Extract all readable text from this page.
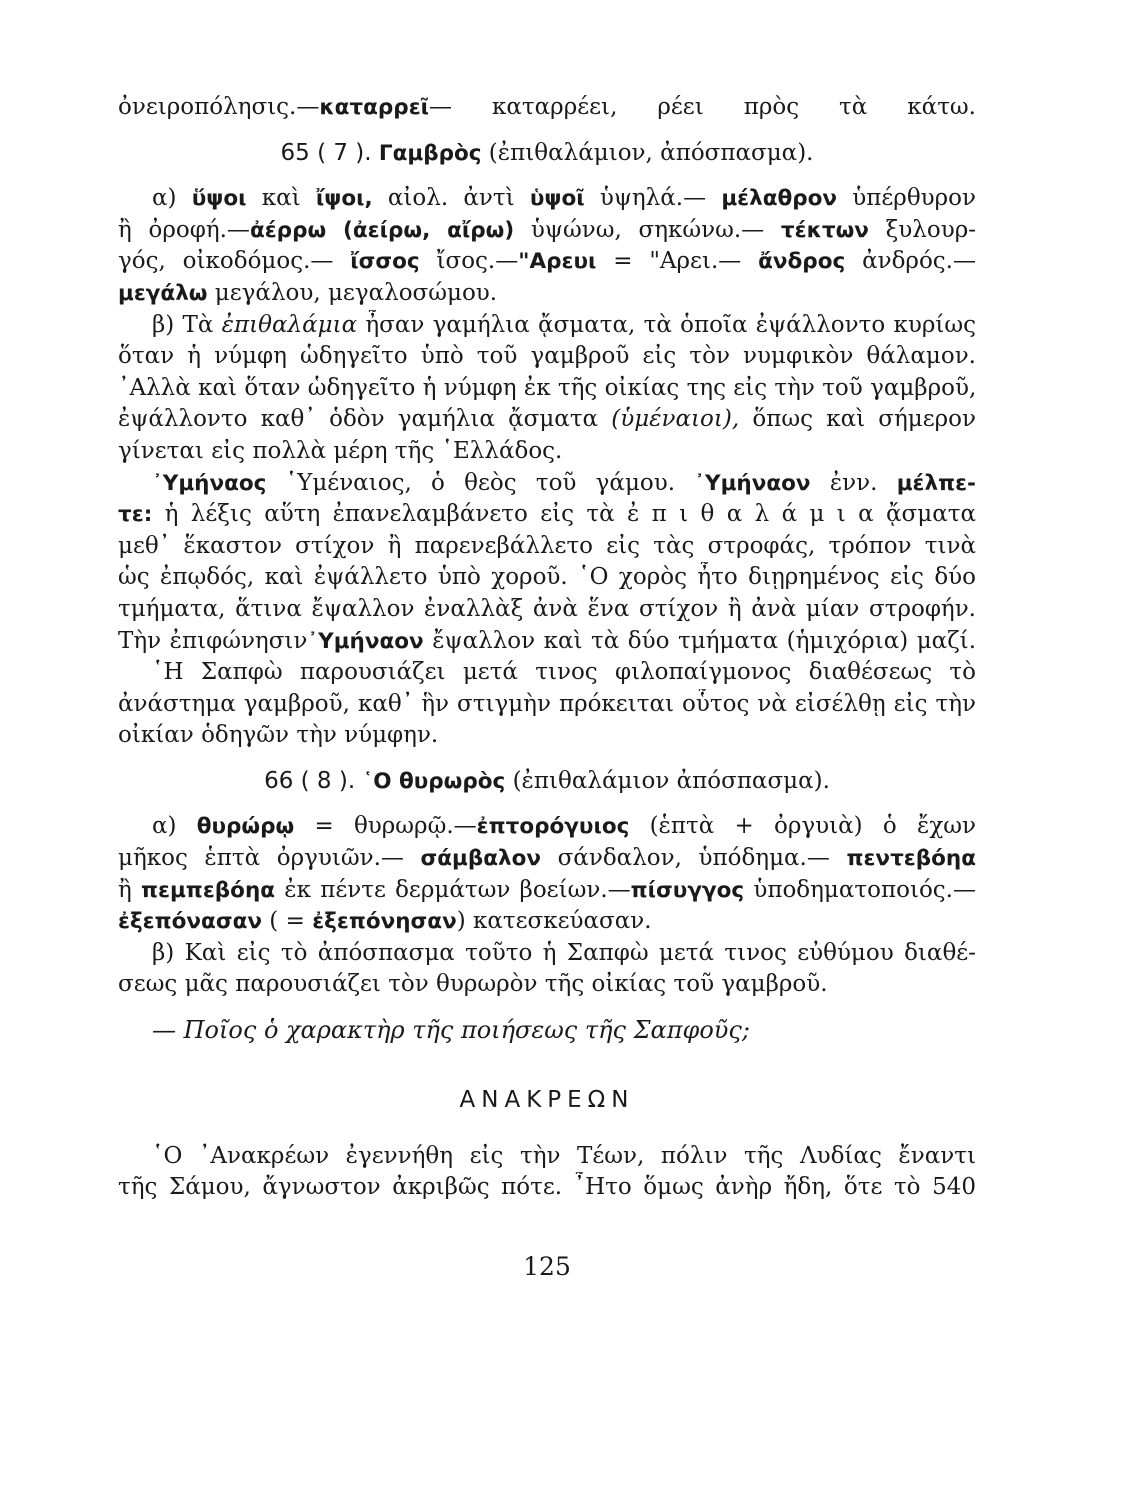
ὀνειροπόλησις.—καταρρεῖ— καταρρέει, ρέει πρὸς τὰ κάτω.
65 ( 7 ). Γαμβρὸς (ἐπιθαλάμιον, ἀπόσπασμα).
α) ὕψοι καὶ ἴψοι, αἰολ. ἀντὶ ὑψοῖ ὑψηλά.— μέλαθρον ὑπέρθυρον
ἢ ὀροφή.—ἀέρρω (ἀείρω, αἴρω) ὑψώνω, σηκώνω.— τέκτων ξυλουρ-
γός, οἰκοδόμος.— ἴσσος ἴσος.—"Αρευι = "Αρει.— ἄνδρος ἀνδρός.—
μεγάλω μεγάλου, μεγαλοσώμου.
β) Τὰ ἐπιθαλάμια ἦσαν γαμήλια ᾄσματα, τὰ ὁποῖα ἐψάλλοντο κυρίως
ὅταν ἡ νύμφη ὡδηγεῖτο ὑπὸ τοῦ γαμβροῦ εἰς τὸν νυμφικὸν θάλαμον.
᾿Αλλὰ καὶ ὅταν ὡδηγεῖτο ἡ νύμφη ἐκ τῆς οἰκίας της εἰς τὴν τοῦ γαμβροῦ,
ἐψάλλοντο καθ᾿ ὁδὸν γαμήλια ᾄσματα (ὑμέναιοι), ὅπως καὶ σήμερον
γίνεται εἰς πολλὰ μέρη τῆς ῾Ελλάδος.
᾿Υμήναος ῾Υμέναιος, ὁ θεὸς τοῦ γάμου. ᾿Υμήναον ἐνν. μέλπε-
τε: ἡ λέξις αὕτη ἐπανελαμβάνετο εἰς τὰ ἐ π ι θ α λ ά μ ι α ᾄσματα
μεθ᾿ ἕκαστον στίχον ἢ παρενεβάλλετο εἰς τὰς στροφάς, τρόπον τινὰ
ὡς ἐπῳδός, καὶ ἐψάλλετο ὑπὸ χοροῦ. ῾Ο χορὸς ἦτο διῃρημένος εἰς δύο
τμήματα, ἅτινα ἔψαλλον ἐναλλὰξ ἀνὰ ἕνα στίχον ἢ ἀνὰ μίαν στροφήν.
Τὴν ἐπιφώνησιν᾿Υμήναον ἔψαλλον καὶ τὰ δύο τμήματα (ἡμιχόρια) μαζί.
῾Η Σαπφὼ παρουσιάζει μετά τινος φιλοπαίγμονος διαθέσεως τὸ
ἀνάστημα γαμβροῦ, καθ᾿ ἣν στιγμὴν πρόκειται οὗτος νὰ εἰσέλθῃ εἰς τὴν
οἰκίαν ὁδηγῶν τὴν νύμφην.
66 ( 8 ). ῾Ο θυρωρὸς (ἐπιθαλάμιον ἀπόσπασμα).
α) θυρώρῳ = θυρωρῷ.—ἐπτορόγυιος (ἑπτὰ + ὀργυιὰ) ὁ ἔχων
μῆκος ἑπτὰ ὀργυιῶν.— σάμβαλον σάνδαλον, ὑπόδημα.— πεντεβόηα
ἢ πεμπεβόηα ἐκ πέντε δερμάτων βοείων.—πίσυγγος ὑποδηματοποιός.—
ἐξεπόνασαν ( = ἐξεπόνησαν) κατεσκεύασαν.
β) Καὶ εἰς τὸ ἀπόσπασμα τοῦτο ἡ Σαπφὼ μετά τινος εὐθύμου διαθέ-
σεως μᾶς παρουσιάζει τὸν θυρωρὸν τῆς οἰκίας τοῦ γαμβροῦ.
— Ποῖος ὁ χαρακτὴρ τῆς ποιήσεως τῆς Σαπφοῦς;
ΑΝΑΚΡΕΩΝ
῾Ο ᾿Ανακρέων ἐγεννήθη εἰς τὴν Τέων, πόλιν τῆς Λυδίας ἔναντι
τῆς Σάμου, ἄγνωστον ἀκριβῶς πότε. ῏Ητο ὅμως ἀνὴρ ἤδη, ὅτε τὸ 540
125
